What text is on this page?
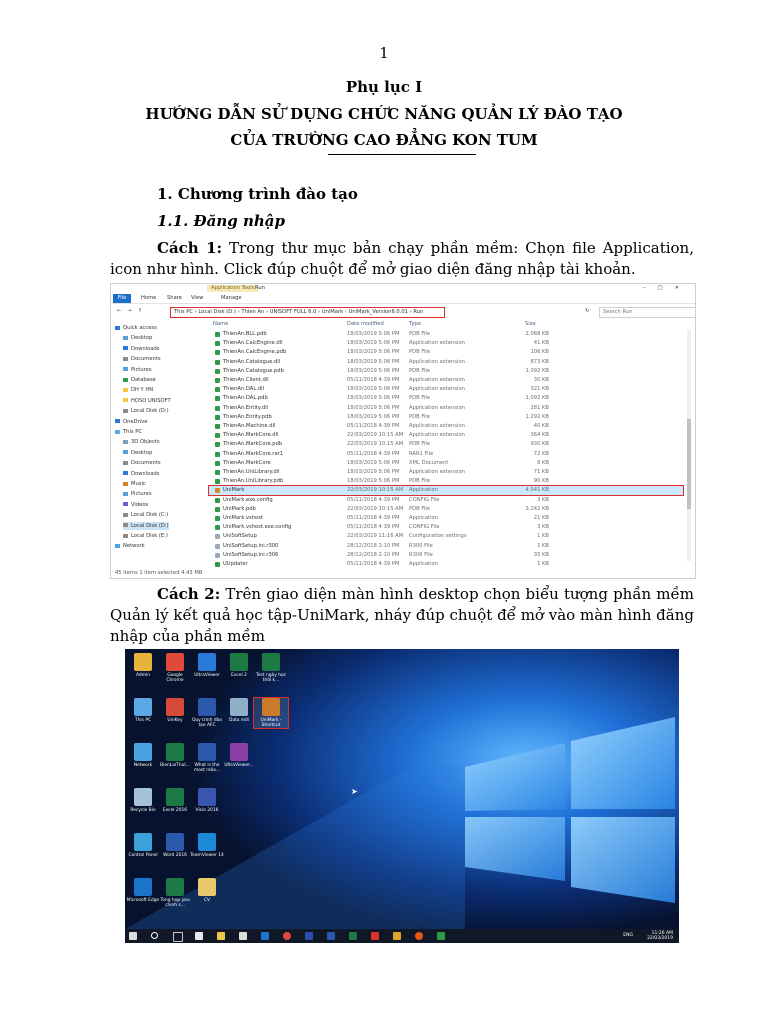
1
Phụ lục I
HƯỚNG DẪN SỬ DỤNG CHỨC NĂNG QUẢN LÝ ĐÀO TẠO
CỦA TRƯỜNG CAO ĐẲNG KON TUM
1. Chương trình đào tạo
1.1. Đăng nhập
Cách 1: Trong thư mục bản chạy phần mềm: Chọn file Application, icon như hình. Click đúp chuột để mở giao diện đăng nhập tài khoản.
Application Tools Run	–□✕
File	Home Share View	Manage
←→↑	This PC › Local Disk (D:) › Thien An › UNISOFT FULL 6.0 › UniMark › UniMark_Version6.0.01 › Run	↻	Search Run
Quick access
Desktop
Downloads
Documents
Pictures
Database
DH Y HN
HOSO UNISOFT
Local Disk (D:)
OneDrive
This PC
3D Objects
Desktop
Documents
Downloads
Music
Pictures
Videos
Local Disk (C:)
Local Disk (D:)
Local Disk (E:)
Network
Name	Date modified	Type	Size
ThienAn.BLL.pdb	18/03/2019 5:06 PM PDB File	2,068 KB
ThienAn.CalcEngine.dll	18/03/2019 5:06 PM Application extension	41 KB
ThienAn.CalcEngine.pdb	18/03/2019 5:06 PM PDB File	106 KB
ThienAn.Catalogue.dll	18/03/2019 5:06 PM Application extension	873 KB
ThienAn.Catalogue.pdb	18/03/2019 5:06 PM PDB File	1,092 KB
ThienAn.Client.dll	05/11/2018 4:39 PM Application extension	30 KB
ThienAn.DAL.dll	18/03/2019 5:06 PM Application extension	321 KB
ThienAn.DAL.pdb	18/03/2019 5:06 PM PDB File	1,092 KB
ThienAn.Entity.dll	18/03/2019 5:06 PM Application extension	281 KB
ThienAn.Entity.pdb	18/03/2019 5:06 PM PDB File	1,292 KB
ThienAn.Machine.dll	05/11/2018 4:39 PM Application extension	40 KB
ThienAn.MarkCore.dll	22/03/2019 10:15 AM Application extension	364 KB
ThienAn.MarkCore.pdb	22/03/2019 10:15 AM PDB File	930 KB
ThienAn.MarkCore.rar1	05/11/2018 4:39 PM RAR1 File	72 KB
ThienAn.MarkCore	18/03/2019 5:06 PM XML Document	8 KB
ThienAn.UniLibrary.dll	18/03/2019 5:06 PM Application extension	71 KB
ThienAn.UniLibrary.pdb	18/03/2019 5:06 PM PDB File	90 KB
UniMark	22/03/2019 10:15 AM Application	4,541 KB
UniMark.exe.config	05/11/2018 4:39 PM CONFIG File	3 KB
UniMark.pdb	22/03/2019 10:15 AM PDB File	3,242 KB
UniMark.vshost	05/11/2018 4:39 PM Application	21 KB
UniMark.vshost.exe.config	05/11/2018 4:39 PM CONFIG File	3 KB
UniSoftSetup	22/03/2019 11:16 AM Configuration settings	1 KB
UniSoftSetup.ini.r300	28/12/2018 2:10 PM R300 File	1 KB
UniSoftSetup.ini.r306	28/12/2018 2:10 PM R306 File	35 KB
UUpdater	05/11/2018 4:39 PM Application	1 KB
45 items 1 item selected 4.43 MB
Cách 2: Trên giao diện màn hình desktop chọn biểu tượng phần mềm Quản lý kết quả học tập-UniMark, nháy đúp chuột để mở vào màn hình đăng nhập của phần mềm
Admin	Google Chrome
UltraViewer	Excel 2	Test ngày học thời k...
This PC	UniKey	Quy trình đào tạo AFC
Data mới	UniMark - Shortcut
Network	BienLaiThuI...	What is the most relia...
UltraViewer...
Recycle Bin	Excel 2016	Visio 2016
Control Panel	Word 2016 TeamViewer 14
Microsoft Edge Tong hop yeu chinh s...
CV
➤
ENG	11:26 AM
22/03/2019
